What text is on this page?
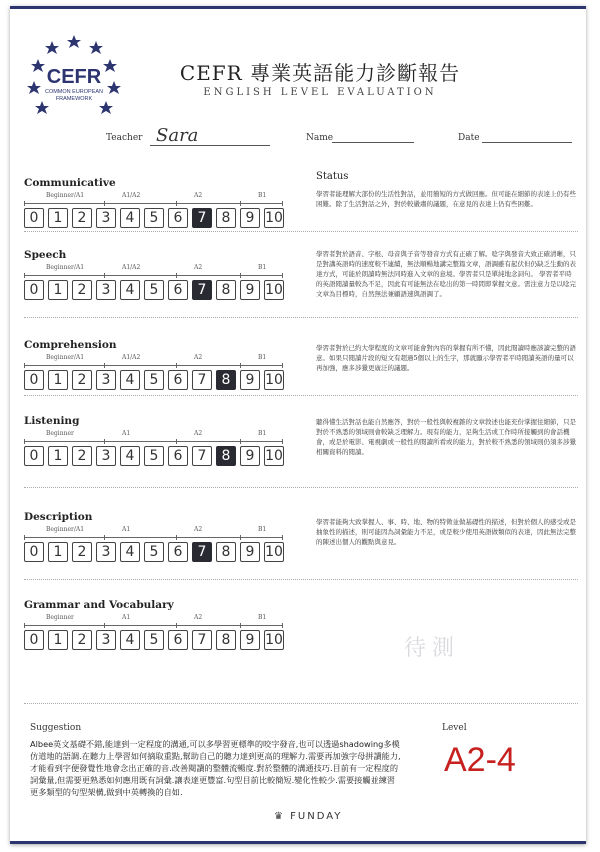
CEFR
COMMON EUROPEAN
FRAMEWORK
CEFR 專業英語能力診斷報告
ENGLISH LEVEL EVALUATION
Teacher Sara	Name	Date
Status
Communicative
Beginner/A1	A1/A2	A2	B1
0	1	2	3	4	5	6	7	8	9 10
學習者能理解大部份的生活性對話，並用簡短的方式做回應。但可能在細節的表達上仍有些困難。除了生活對話之外，對於較嚴肅的議題，在意見的表達上仍有些困難。
Speech
Beginner/A1	A1/A2	A2	B1
0	1	2	3	4	5	6	7	8	9 10
學習者對於語音、字根、母音與子音等發音方式有正確了解。唸字與發音大致正確清晰，只是對講英語時的速度較不連續，無法順暢地講完整篇文章，語調雖有起伏但仍缺乏生動的表達方式，可能於朗讀時無法同時進入文章的意境。學習者只是單純地念詞句。 學習者平時的英語閱讀量較為不足，因此有可能無法在唸出的第一時間即掌握文意。需注意力是以唸完文章為目標時，自然無法兼顧語速與語調了。
Comprehension
Beginner/A1	A1/A2	A2	B1
0	1	2	3	4	5	6	7	8	9 10
學習者對於已約大學程度的文章可能會對內容的掌握有所不懂，因此閱讀時應該讀完整的語意。如果只閱讀片段的短文有超過5個以上的生字，那就顯示學習者平時閱讀英語的量可以再加強，應多涉獵更廣泛的議題。
Listening
Beginner	A1	A2	B1
0	1	2	3	4	5	6	7	8	9 10
聽得懂生活對話也能自然應答，對於一般性與較複雜的文章敘述也能充份掌握住細節，只是對於不熟悉的領域則會較缺乏理解力。現有的能力，足夠生活或工作時所接觸到的會話機會，或是於電影、電視劇或一般性的閱讀所看或的能力，對於較不熟悉的領域則仍須多涉獵相關資料的閱讀。
Description
Beginner/A1	A1	A2	B1
0	1	2	3	4	5	6	7	8	9 10
學習者能夠大致掌握人、事、時、地、物的特徵並做基礎性的描述，但對於個人的感受或是抽象性的描述，則可能因為詞彙能力不足，或是較少使用英語做類似的表達，因此無法完整的陳述出個人的觀點與意見。
Grammar and Vocabulary
Beginner	A1	A2	B1
0	1	2	3	4	5	6	7	8	9 10	待測
Suggestion
Albee英文基礎不錯,能達到一定程度的溝通,可以多學習更標準的咬字發音,也可以透過shadowing多模仿道地的語調.在聽力上學習如何摘取重點,幫助自己的聽力達到更高的理解力.需要再加強字母拼讀能力,才能看到字便發覺性地會念出正確的音.改善閱讀的整體流暢度.對於整體的溝通技巧.目前有一定程度的詞彙量,但需要更熟悉如何應用既有詞彙.讓表達更豐富.句型目前比較簡短.變化性較少.需要接觸並練習更多類型的句型架構,做到中英轉換的自如.
Level
A2-4
♛ FUNDAY
